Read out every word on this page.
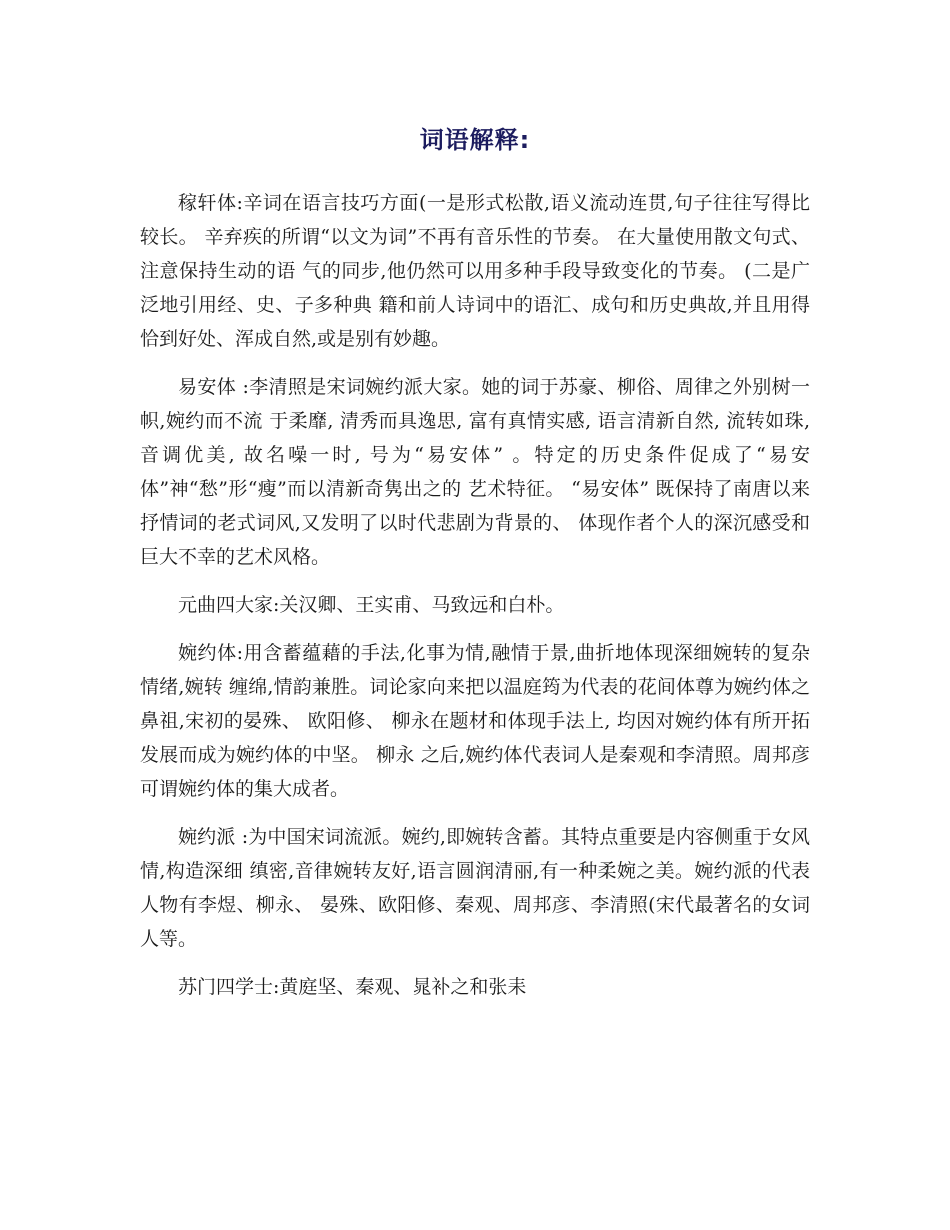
词语解释:

稼轩体:辛词在语言技巧方面(一是形式松散,语义流动连贯,句子往往写得比较长。 辛弃疾的所谓“以文为词”不再有音乐性的节奏。 在大量使用散文句式、注意保持生动的语 气的同步,他仍然可以用多种手段导致变化的节奏。 (二是广泛地引用经、史、子多种典 籍和前人诗词中的语汇、成句和历史典故,并且用得恰到好处、浑成自然,或是别有妙趣。

易安体 :李清照是宋词婉约派大家。她的词于苏豪、柳俗、周律之外别树一帜,婉约而不流 于柔靡, 清秀而具逸思, 富有真情实感, 语言清新自然, 流转如珠, 音调优美, 故名噪一时, 号为“易安体” 。特定的历史条件促成了“易安体”神“愁”形“瘦”而以清新奇隽出之的 艺术特征。 “易安体” 既保持了南唐以来抒情词的老式词风,又发明了以时代悲剧为背景的、 体现作者个人的深沉感受和巨大不幸的艺术风格。

元曲四大家:关汉卿、王实甫、马致远和白朴。

婉约体:用含蓄蕴藉的手法,化事为情,融情于景,曲折地体现深细婉转的复杂情绪,婉转 缠绵,情韵兼胜。词论家向来把以温庭筠为代表的花间体尊为婉约体之鼻祖,宋初的晏殊、 欧阳修、 柳永在题材和体现手法上, 均因对婉约体有所开拓发展而成为婉约体的中坚。 柳永 之后,婉约体代表词人是秦观和李清照。周邦彦可谓婉约体的集大成者。

婉约派 :为中国宋词流派。婉约,即婉转含蓄。其特点重要是内容侧重于女风情,构造深细 缜密,音律婉转友好,语言圆润清丽,有一种柔婉之美。婉约派的代表人物有李煜、柳永、 晏殊、欧阳修、秦观、周邦彦、李清照(宋代最著名的女词人等。

苏门四学士:黄庭坚、秦观、晁补之和张耒
